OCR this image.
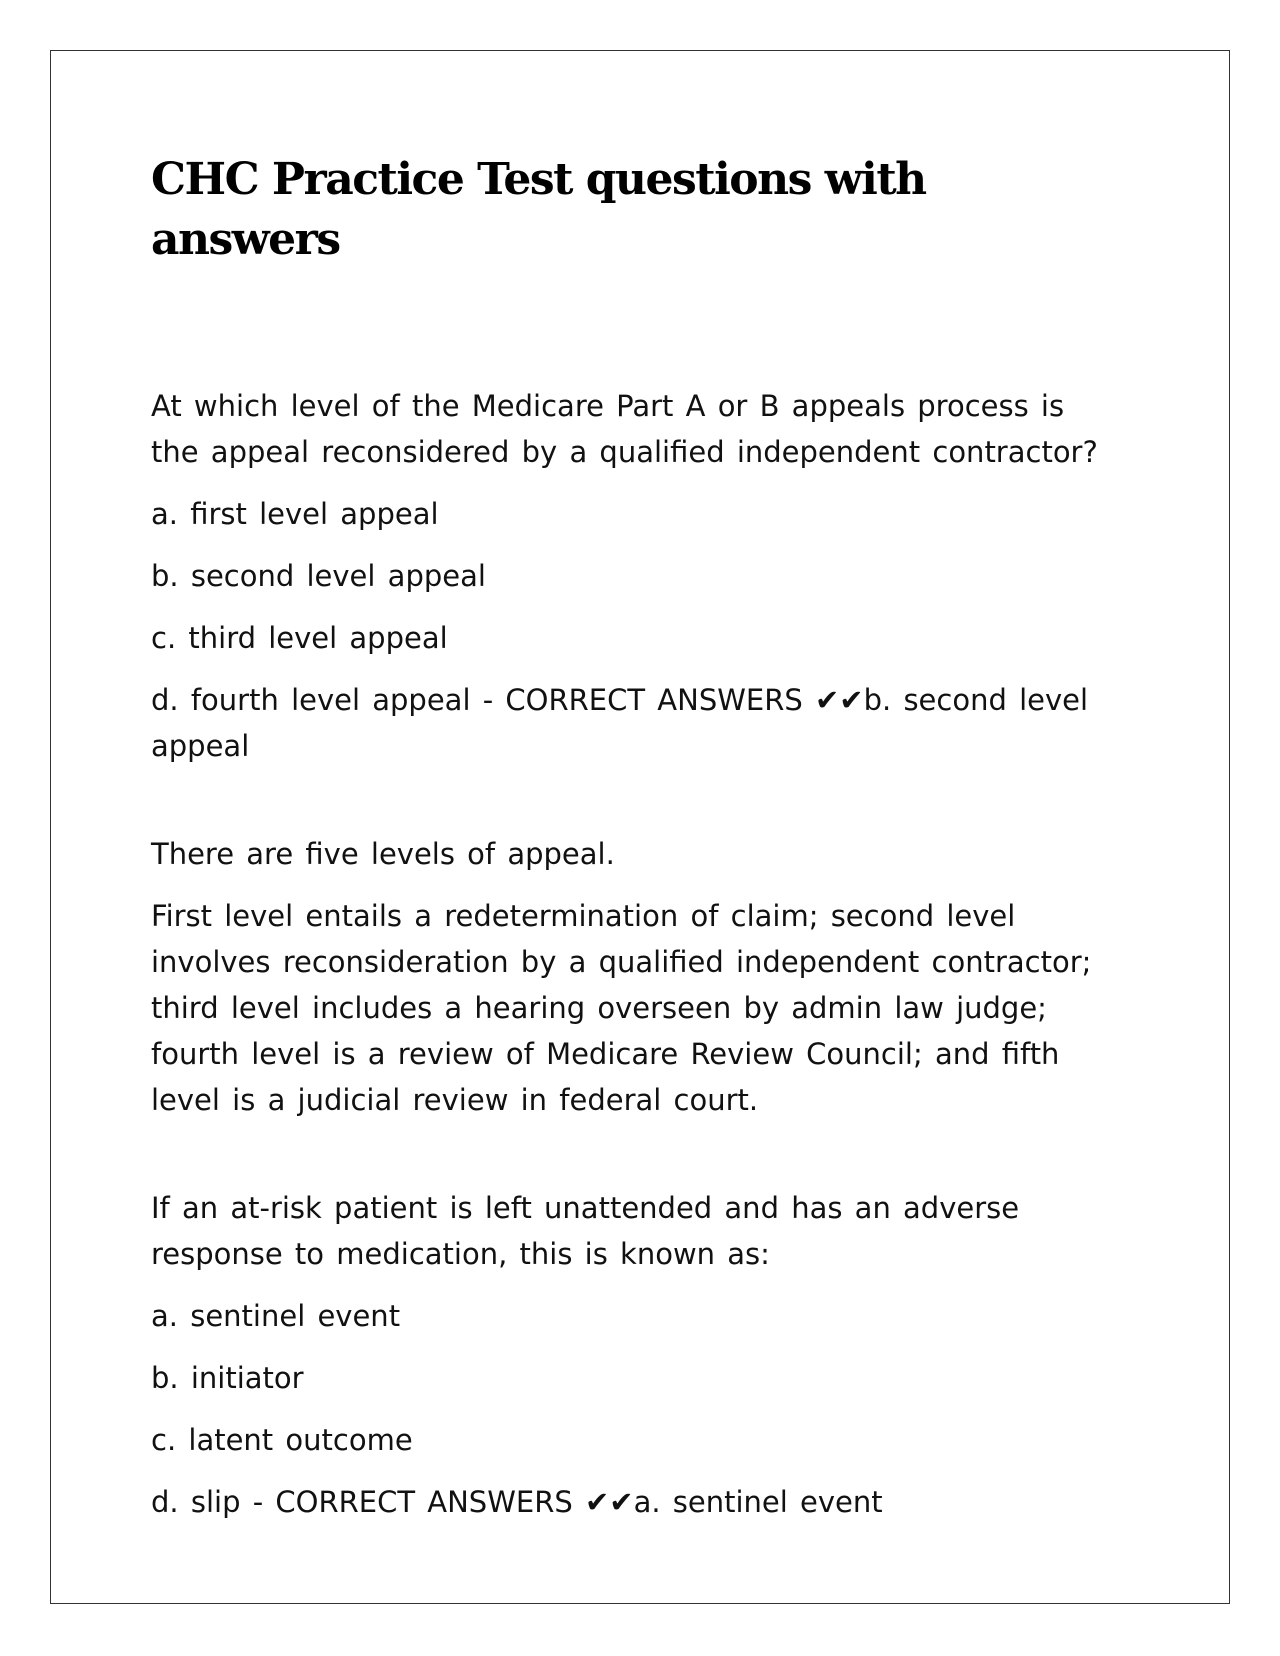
CHC Practice Test questions with answers

At which level of the Medicare Part A or B appeals process is the appeal reconsidered by a qualified independent contractor?

a. first level appeal

b. second level appeal

c. third level appeal

d. fourth level appeal - CORRECT ANSWERS ✔✔b. second level appeal

There are five levels of appeal.

First level entails a redetermination of claim; second level involves reconsideration by a qualified independent contractor; third level includes a hearing overseen by admin law judge; fourth level is a review of Medicare Review Council; and fifth level is a judicial review in federal court.

If an at-risk patient is left unattended and has an adverse response to medication, this is known as:

a. sentinel event

b. initiator

c. latent outcome

d. slip - CORRECT ANSWERS ✔✔a. sentinel event
